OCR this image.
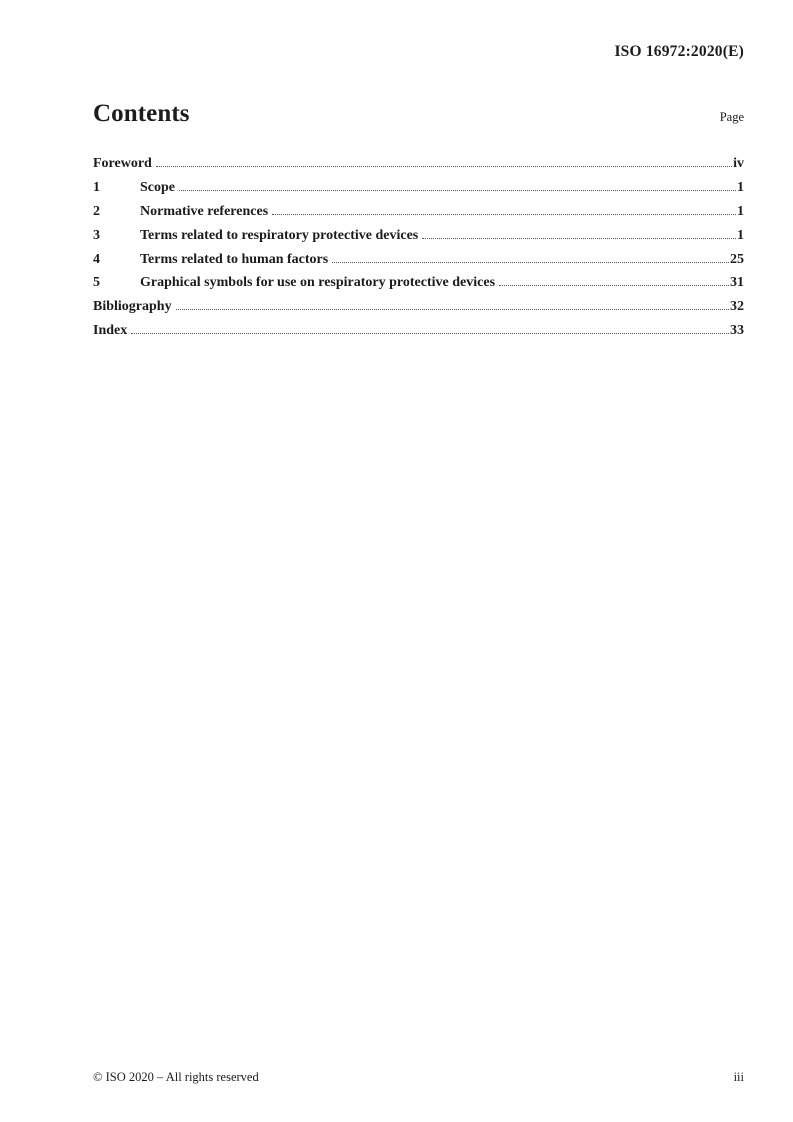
ISO 16972:2020(E)
Contents	Page
Foreword	iv
1	Scope	1
2	Normative references	1
3	Terms related to respiratory protective devices	1
4	Terms related to human factors	25
5	Graphical symbols for use on respiratory protective devices	31
Bibliography	32
Index	33
© ISO 2020 – All rights reserved	iii
